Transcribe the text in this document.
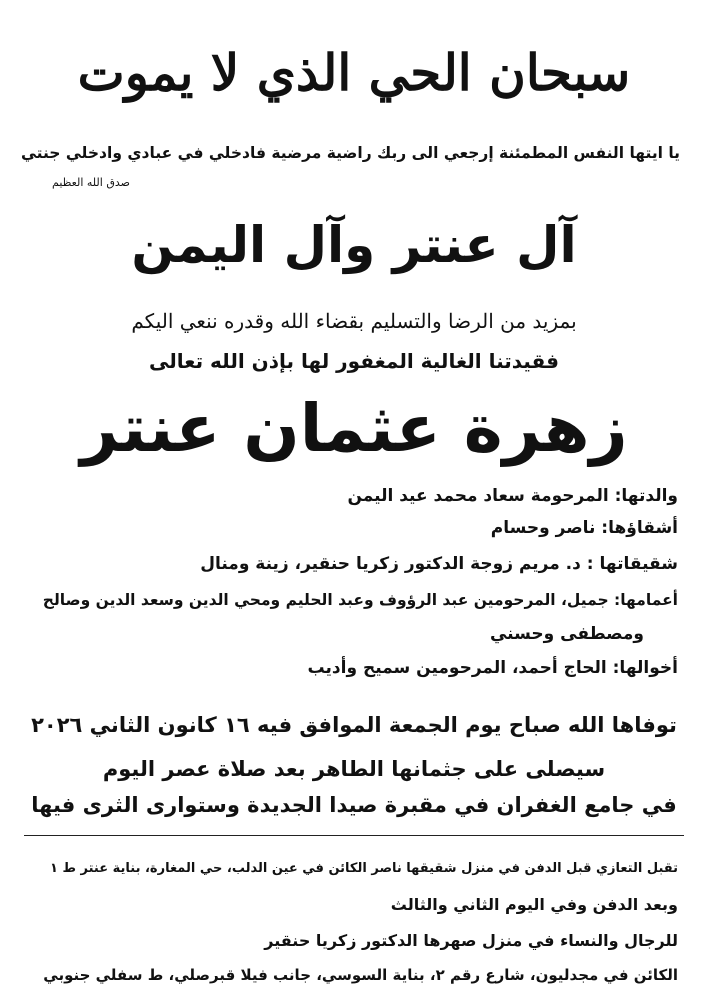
سبحان الحي الذي لا يموت
يا ايتها النفس المطمئنة إرجعي الى ربك راضية مرضية فادخلي في عبادي وادخلي جنتي
صدق الله العظيم
آل عنتر وآل اليمن
بمزيد من الرضا والتسليم بقضاء الله وقدره ننعي اليكم
فقيدتنا الغالية المغفور لها بإذن الله تعالى
زهرة عثمان عنتر
والدتها: المرحومة سعاد محمد عيد اليمن
أشقاؤها: ناصر وحسام
شقيقاتها : د. مريم زوجة الدكتور زكريا حنقير، زينة ومنال
أعمامها: جميل، المرحومين عبد الرؤوف وعبد الحليم ومحي الدين وسعد الدين وصالح
ومصطفى وحسني
أخوالها: الحاج أحمد، المرحومين سميح وأديب
توفاها الله صباح يوم الجمعة الموافق فيه ١٦ كانون الثاني ٢٠٢٦
سيصلى على جثمانها الطاهر بعد صلاة عصر اليوم
في جامع الغفران في مقبرة صيدا الجديدة وستوارى الثرى فيها
تقبل التعازي قبل الدفن في منزل شقيقها ناصر الكائن في عين الدلب، حي المغارة، بناية عنتر ط ١
وبعد الدفن وفي اليوم الثاني والثالث
للرجال والنساء في منزل صهرها الدكتور زكريا حنقير
الكائن في مجدليون، شارع رقم ٢، بناية السوسي، جانب فيلا قبرصلي، ط سفلي جنوبي
